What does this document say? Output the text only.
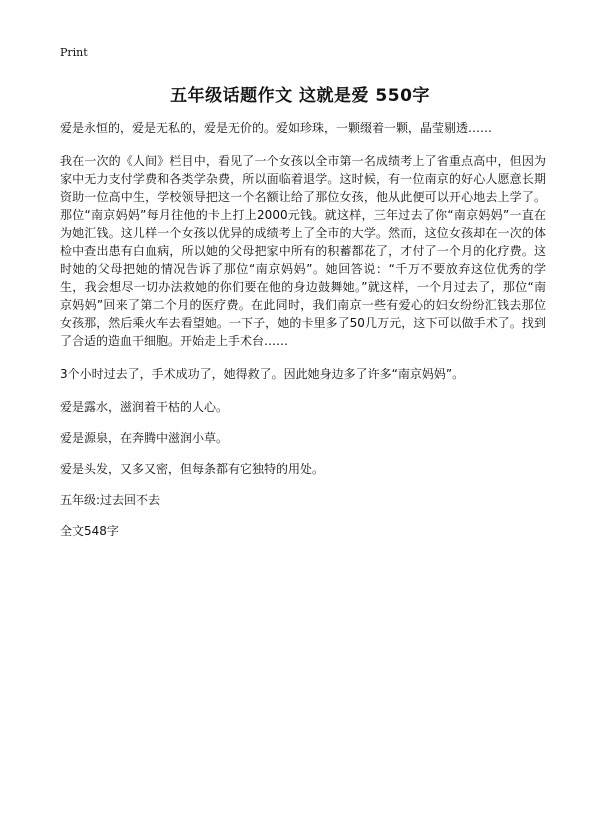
Print
五年级话题作文 这就是爱 550字

爱是永恒的，爱是无私的，爱是无价的。爱如珍珠，一颗缀着一颗，晶莹剔透……

我在一次的《人间》栏目中，看见了一个女孩以全市第一名成绩考上了省重点高中，但因为家中无力支付学费和各类学杂费，所以面临着退学。这时候，有一位南京的好心人愿意长期资助一位高中生，学校领导把这一个名额让给了那位女孩，他从此便可以开心地去上学了。那位“南京妈妈”每月往他的卡上打上2000元钱。就这样，三年过去了你“南京妈妈”一直在为她汇钱。这儿样一个女孩以优异的成绩考上了全市的大学。然而，这位女孩却在一次的体检中查出患有白血病，所以她的父母把家中所有的积蓄都花了，才付了一个月的化疗费。这时她的父母把她的情况告诉了那位“南京妈妈”。她回答说：“千万不要放弃这位优秀的学生，我会想尽一切办法救她的你们要在他的身边鼓舞她。”就这样，一个月过去了，那位“南京妈妈”回来了第二个月的医疗费。在此同时，我们南京一些有爱心的妇女纷纷汇钱去那位女孩那，然后乘火车去看望她。一下子，她的卡里多了50几万元，这下可以做手术了。找到了合适的造血干细胞。开始走上手术台……

3个小时过去了，手术成功了，她得救了。因此她身边多了许多“南京妈妈”。

爱是露水，滋润着干枯的人心。

爱是源泉，在奔腾中滋润小草。

爱是头发，又多又密，但每条都有它独特的用处。

五年级:过去回不去

全文548字
